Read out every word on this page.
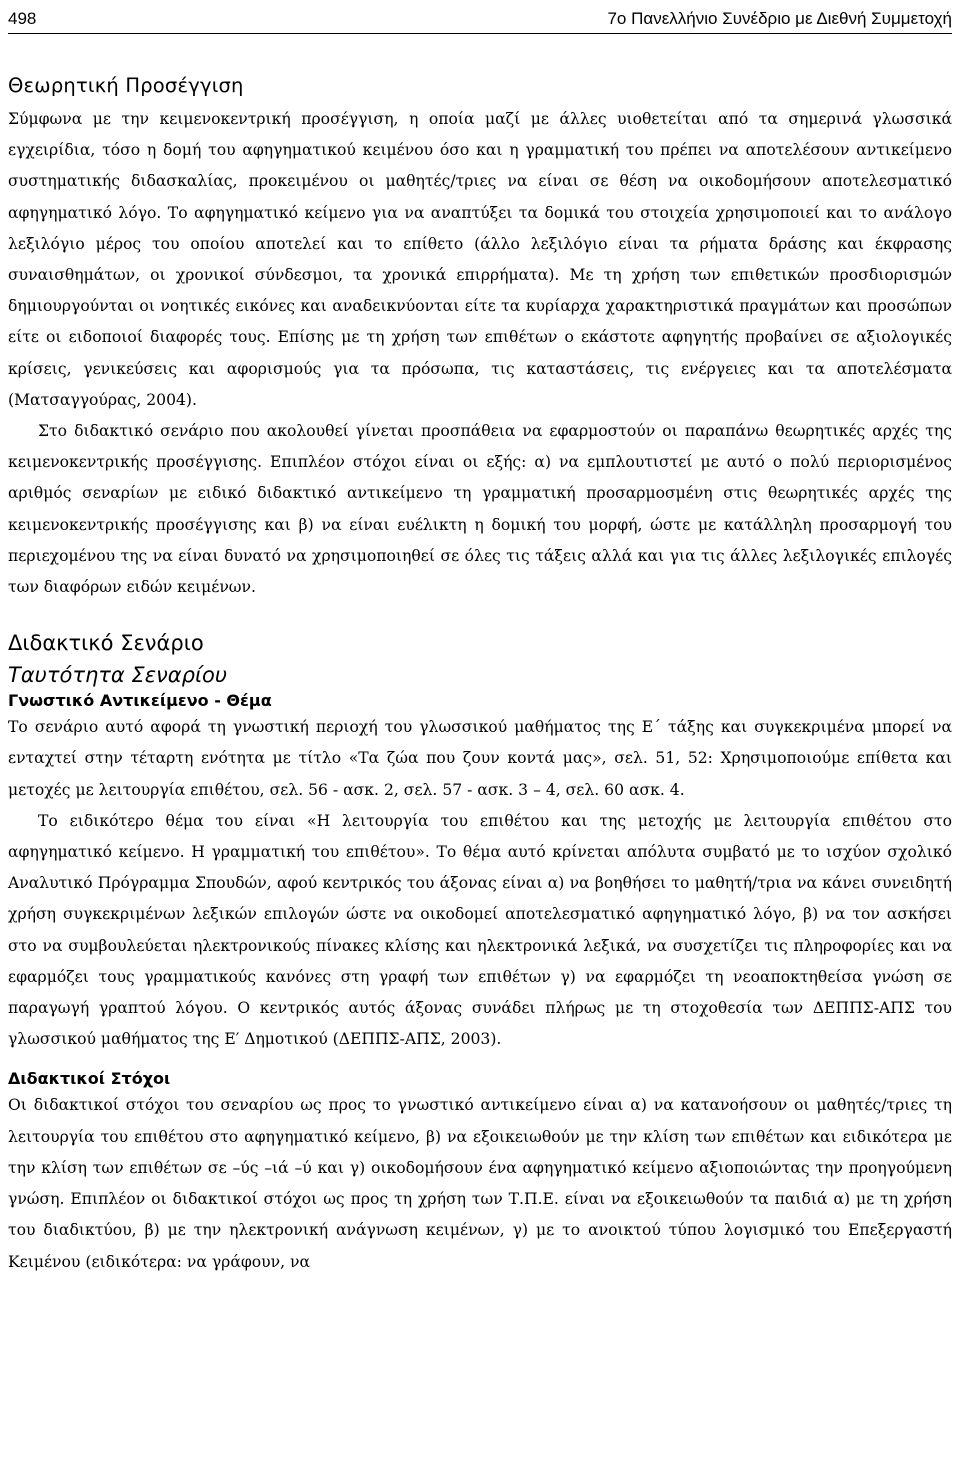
498	7ο Πανελλήνιο Συνέδριο με Διεθνή Συμμετοχή
Θεωρητική Προσέγγιση

Σύμφωνα με την κειμενοκεντρική προσέγγιση, η οποία μαζί με άλλες υιοθετείται από τα σημερινά γλωσσικά εγχειρίδια, τόσο η δομή του αφηγηματικού κειμένου όσο και η γραμματική του πρέπει να αποτελέσουν αντικείμενο συστηματικής διδασκαλίας, προκειμένου οι μαθητές/τριες να είναι σε θέση να οικοδομήσουν αποτελεσματικό αφηγηματικό λόγο. Το αφηγηματικό κείμενο για να αναπτύξει τα δομικά του στοιχεία χρησιμοποιεί και το ανάλογο λεξιλόγιο μέρος του οποίου αποτελεί και το επίθετο (άλλο λεξιλόγιο είναι τα ρήματα δράσης και έκφρασης συναισθημάτων, οι χρονικοί σύνδεσμοι, τα χρονικά επιρρήματα). Με τη χρήση των επιθετικών προσδιορισμών δημιουργούνται οι νοητικές εικόνες και αναδεικνύονται είτε τα κυρίαρχα χαρακτηριστικά πραγμάτων και προσώπων είτε οι ειδοποιοί διαφορές τους. Επίσης με τη χρήση των επιθέτων ο εκάστοτε αφηγητής προβαίνει σε αξιολογικές κρίσεις, γενικεύσεις και αφορισμούς για τα πρόσωπα, τις καταστάσεις, τις ενέργειες και τα αποτελέσματα (Ματσαγγούρας, 2004).

Στο διδακτικό σενάριο που ακολουθεί γίνεται προσπάθεια να εφαρμοστούν οι παραπάνω θεωρητικές αρχές της κειμενοκεντρικής προσέγγισης. Επιπλέον στόχοι είναι οι εξής: α) να εμπλουτιστεί με αυτό ο πολύ περιορισμένος αριθμός σεναρίων με ειδικό διδακτικό αντικείμενο τη γραμματική προσαρμοσμένη στις θεωρητικές αρχές της κειμενοκεντρικής προσέγγισης και β) να είναι ευέλικτη η δομική του μορφή, ώστε με κατάλληλη προσαρμογή του περιεχομένου της να είναι δυνατό να χρησιμοποιηθεί σε όλες τις τάξεις αλλά και για τις άλλες λεξιλογικές επιλογές των διαφόρων ειδών κειμένων.

Διδακτικό Σενάριο
Ταυτότητα Σεναρίου
Γνωστικό Αντικείμενο - Θέμα

Το σενάριο αυτό αφορά τη γνωστική περιοχή του γλωσσικού μαθήματος της Ε΄ τάξης και συγκεκριμένα μπορεί να ενταχτεί στην τέταρτη ενότητα με τίτλο «Τα ζώα που ζουν κοντά μας», σελ. 51, 52: Χρησιμοποιούμε επίθετα και μετοχές με λειτουργία επιθέτου, σελ. 56 - ασκ. 2, σελ. 57 - ασκ. 3 – 4, σελ. 60 ασκ. 4.

Το ειδικότερο θέμα του είναι «Η λειτουργία του επιθέτου και της μετοχής με λειτουργία επιθέτου στο αφηγηματικό κείμενο. Η γραμματική του επιθέτου». Το θέμα αυτό κρίνεται απόλυτα συμβατό με το ισχύον σχολικό Αναλυτικό Πρόγραμμα Σπουδών, αφού κεντρικός του άξονας είναι α) να βοηθήσει το μαθητή/τρια να κάνει συνειδητή χρήση συγκεκριμένων λεξικών επιλογών ώστε να οικοδομεί αποτελεσματικό αφηγηματικό λόγο, β) να τον ασκήσει στο να συμβουλεύεται ηλεκτρονικούς πίνακες κλίσης και ηλεκτρονικά λεξικά, να συσχετίζει τις πληροφορίες και να εφαρμόζει τους γραμματικούς κανόνες στη γραφή των επιθέτων γ) να εφαρμόζει τη νεοαποκτηθείσα γνώση σε παραγωγή γραπτού λόγου. Ο κεντρικός αυτός άξονας συνάδει πλήρως με τη στοχοθεσία των ΔΕΠΠΣ-ΑΠΣ του γλωσσικού μαθήματος της Ε′ Δημοτικού (ΔΕΠΠΣ-ΑΠΣ, 2003).

Διδακτικοί Στόχοι

Οι διδακτικοί στόχοι του σεναρίου ως προς το γνωστικό αντικείμενο είναι α) να κατανοήσουν οι μαθητές/τριες τη λειτουργία του επιθέτου στο αφηγηματικό κείμενο, β) να εξοικειωθούν με την κλίση των επιθέτων και ειδικότερα με την κλίση των επιθέτων σε –ύς –ιά –ύ και γ) οικοδομήσουν ένα αφηγηματικό κείμενο αξιοποιώντας την προηγούμενη γνώση. Επιπλέον οι διδακτικοί στόχοι ως προς τη χρήση των Τ.Π.Ε. είναι να εξοικειωθούν τα παιδιά α) με τη χρήση του διαδικτύου, β) με την ηλεκτρονική ανάγνωση κειμένων, γ) με το ανοικτού τύπου λογισμικό του Επεξεργαστή Κειμένου (ειδικότερα: να γράφουν, να
